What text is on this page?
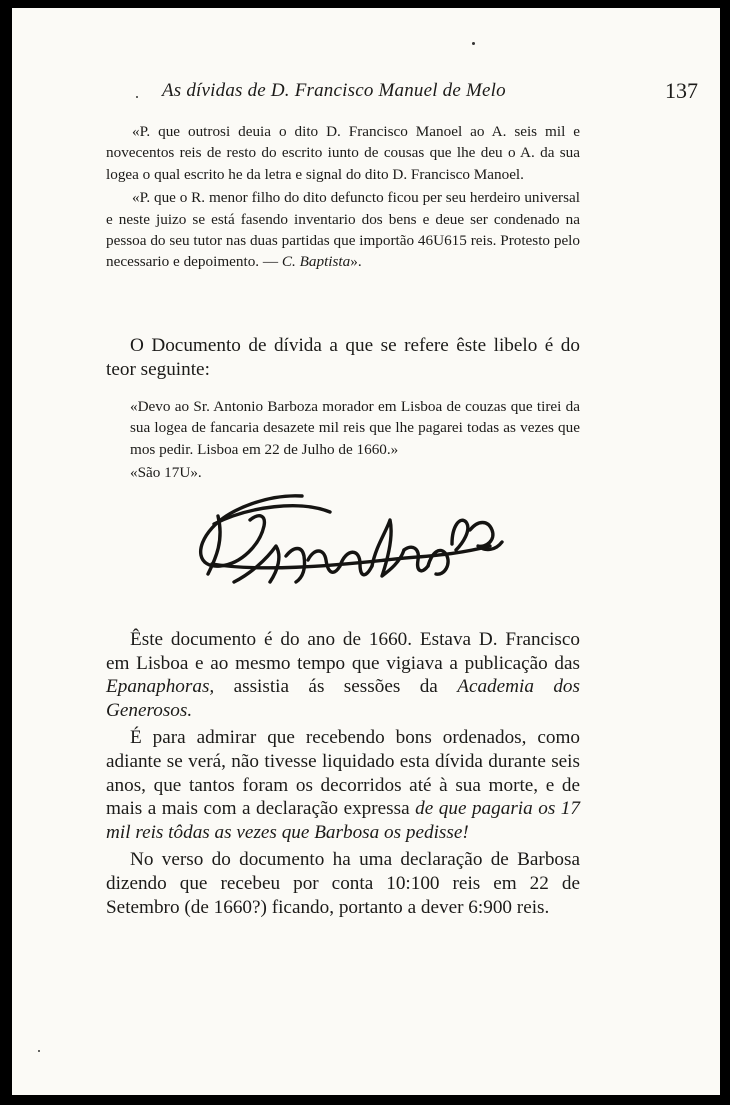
As dívidas de D. Francisco Manuel de Melo	137

«P. que outrosi deuia o dito D. Francisco Manoel ao A. seis mil e novecentos reis de resto do escrito iunto de cousas que lhe deu o A. da sua logea o qual escrito he da letra e signal do dito D. Francisco Manoel.

«P. que o R. menor filho do dito defuncto ficou per seu herdeiro universal e neste juizo se está fasendo inventario dos bens e deue ser condenado na pessoa do seu tutor nas duas partidas que importão 46U615 reis. Protesto pelo necessario e depoimento. — C. Baptista».

O Documento de dívida a que se refere êste libelo é do teor seguinte:

«Devo ao Sr. Antonio Barboza morador em Lisboa de couzas que tirei da sua logea de fancaria desazete mil reis que lhe pagarei todas as vezes que mos pedir. Lisboa em 22 de Julho de 1660.»

«São 17U».

Êste documento é do ano de 1660. Estava D. Francisco em Lisboa e ao mesmo tempo que vigiava a publicação das Epanaphoras, assistia ás sessões da Academia dos Generosos.

É para admirar que recebendo bons ordenados, como adiante se verá, não tivesse liquidado esta dívida durante seis anos, que tantos foram os decorridos até à sua morte, e de mais a mais com a declaração expressa de que pagaria os 17 mil reis tôdas as vezes que Barbosa os pedisse!

No verso do documento ha uma declaração de Barbosa dizendo que recebeu por conta 10:100 reis em 22 de Setembro (de 1660?) ficando, portanto a dever 6:900 reis.
